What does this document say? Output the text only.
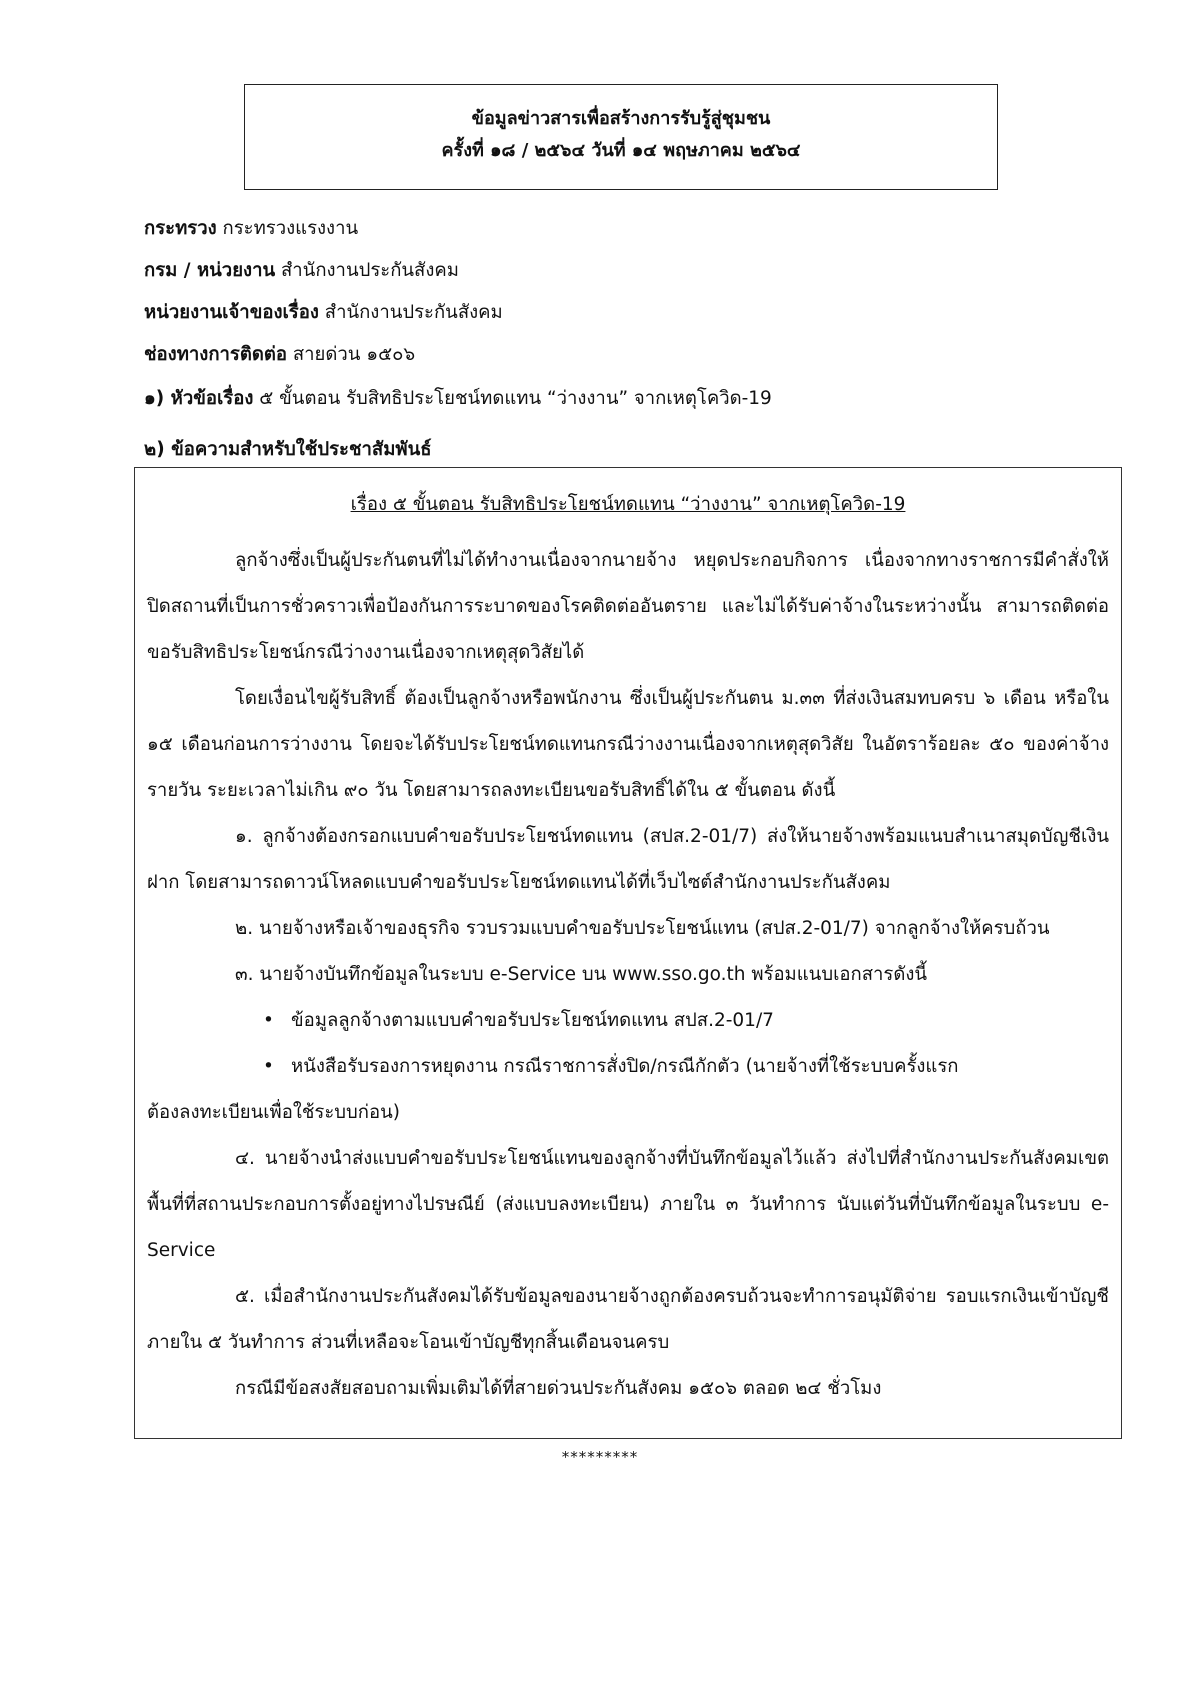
ข้อมูลข่าวสารเพื่อสร้างการรับรู้สู่ชุมชน
ครั้งที่ ๑๘ / ๒๕๖๔ วันที่ ๑๔ พฤษภาคม ๒๕๖๔
กระทรวง กระทรวงแรงงาน
กรม / หน่วยงาน สำนักงานประกันสังคม
หน่วยงานเจ้าของเรื่อง สำนักงานประกันสังคม
ช่องทางการติดต่อ สายด่วน ๑๕๐๖
๑) หัวข้อเรื่อง ๕ ขั้นตอน รับสิทธิประโยชน์ทดแทน “ว่างงาน” จากเหตุโควิด-19
๒) ข้อความสำหรับใช้ประชาสัมพันธ์
เรื่อง ๕ ขั้นตอน รับสิทธิประโยชน์ทดแทน “ว่างงาน” จากเหตุโควิด-19
ลูกจ้างซึ่งเป็นผู้ประกันตนที่ไม่ได้ทำงานเนื่องจากนายจ้าง หยุดประกอบกิจการ เนื่องจากทางราชการมีคำสั่งให้ปิดสถานที่เป็นการชั่วคราวเพื่อป้องกันการระบาดของโรคติดต่ออันตราย และไม่ได้รับค่าจ้างในระหว่างนั้น สามารถติดต่อขอรับสิทธิประโยชน์กรณีว่างงานเนื่องจากเหตุสุดวิสัยได้
โดยเงื่อนไขผู้รับสิทธิ์ ต้องเป็นลูกจ้างหรือพนักงาน ซึ่งเป็นผู้ประกันตน ม.๓๓ ที่ส่งเงินสมทบครบ ๖ เดือน หรือใน ๑๕ เดือนก่อนการว่างงาน โดยจะได้รับประโยชน์ทดแทนกรณีว่างงานเนื่องจากเหตุสุดวิสัย ในอัตราร้อยละ ๕๐ ของค่าจ้างรายวัน ระยะเวลาไม่เกิน ๙๐ วัน โดยสามารถลงทะเบียนขอรับสิทธิ์ได้ใน ๕ ขั้นตอน ดังนี้
๑. ลูกจ้างต้องกรอกแบบคำขอรับประโยชน์ทดแทน (สปส.2-01/7) ส่งให้นายจ้างพร้อมแนบสำเนาสมุดบัญชีเงินฝาก โดยสามารถดาวน์โหลดแบบคำขอรับประโยชน์ทดแทนได้ที่เว็บไซต์สำนักงานประกันสังคม
๒. นายจ้างหรือเจ้าของธุรกิจ รวบรวมแบบคำขอรับประโยชน์แทน (สปส.2-01/7) จากลูกจ้างให้ครบถ้วน
๓. นายจ้างบันทึกข้อมูลในระบบ e-Service บน www.sso.go.th พร้อมแนบเอกสารดังนี้
• ข้อมูลลูกจ้างตามแบบคำขอรับประโยชน์ทดแทน สปส.2-01/7
• หนังสือรับรองการหยุดงาน กรณีราชการสั่งปิด/กรณีกักตัว (นายจ้างที่ใช้ระบบครั้งแรก
ต้องลงทะเบียนเพื่อใช้ระบบก่อน)
๔. นายจ้างนำส่งแบบคำขอรับประโยชน์แทนของลูกจ้างที่บันทึกข้อมูลไว้แล้ว ส่งไปที่สำนักงานประกันสังคมเขตพื้นที่ที่สถานประกอบการตั้งอยู่ทางไปรษณีย์ (ส่งแบบลงทะเบียน) ภายใน ๓ วันทำการ นับแต่วันที่บันทึกข้อมูลในระบบ e-Service
๕. เมื่อสำนักงานประกันสังคมได้รับข้อมูลของนายจ้างถูกต้องครบถ้วนจะทำการอนุมัติจ่าย รอบแรกเงินเข้าบัญชี ภายใน ๕ วันทำการ ส่วนที่เหลือจะโอนเข้าบัญชีทุกสิ้นเดือนจนครบ
กรณีมีข้อสงสัยสอบถามเพิ่มเติมได้ที่สายด่วนประกันสังคม ๑๕๐๖ ตลอด ๒๔ ชั่วโมง
*********
